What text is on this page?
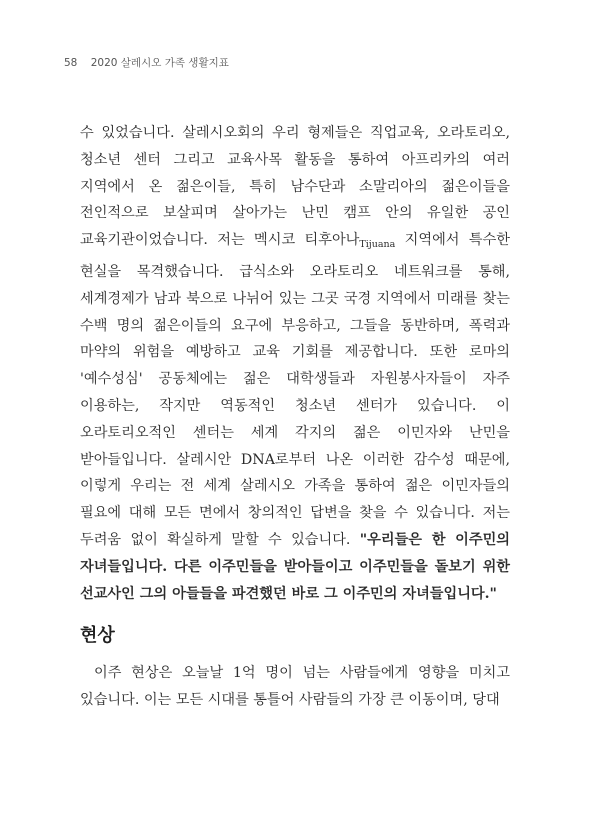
58 2020 살레시오 가족 생활지표

수 있었습니다. 살레시오회의 우리 형제들은 직업교육, 오라토리오, 청소년 센터 그리고 교육사목 활동을 통하여 아프리카의 여러 지역에서 온 젊은이들, 특히 남수단과 소말리아의 젊은이들을 전인적으로 보살피며 살아가는 난민 캠프 안의 유일한 공인 교육기관이었습니다. 저는 멕시코 티후아나$_{Tijuana}$ 지역에서 특수한 현실을 목격했습니다. 급식소와 오라토리오 네트워크를 통해, 세계경제가 남과 북으로 나뉘어 있는 그곳 국경 지역에서 미래를 찾는 수백 명의 젊은이들의 요구에 부응하고, 그들을 동반하며, 폭력과 마약의 위험을 예방하고 교육 기회를 제공합니다. 또한 로마의 '예수성심' 공동체에는 젊은 대학생들과 자원봉사자들이 자주 이용하는, 작지만 역동적인 청소년 센터가 있습니다. 이 오라토리오적인 센터는 세계 각지의 젊은 이민자와 난민을 받아들입니다. 살레시안 DNA로부터 나온 이러한 감수성 때문에, 이렇게 우리는 전 세계 살레시오 가족을 통하여 젊은 이민자들의 필요에 대해 모든 면에서 창의적인 답변을 찾을 수 있습니다. 저는 두려움 없이 확실하게 말할 수 있습니다. "우리들은 한 이주민의 자녀들입니다. 다른 이주민들을 받아들이고 이주민들을 돌보기 위한 선교사인 그의 아들들을 파견했던 바로 그 이주민의 자녀들입니다."

현상

이주 현상은 오늘날 1억 명이 넘는 사람들에게 영향을 미치고 있습니다. 이는 모든 시대를 통틀어 사람들의 가장 큰 이동이며, 당대
